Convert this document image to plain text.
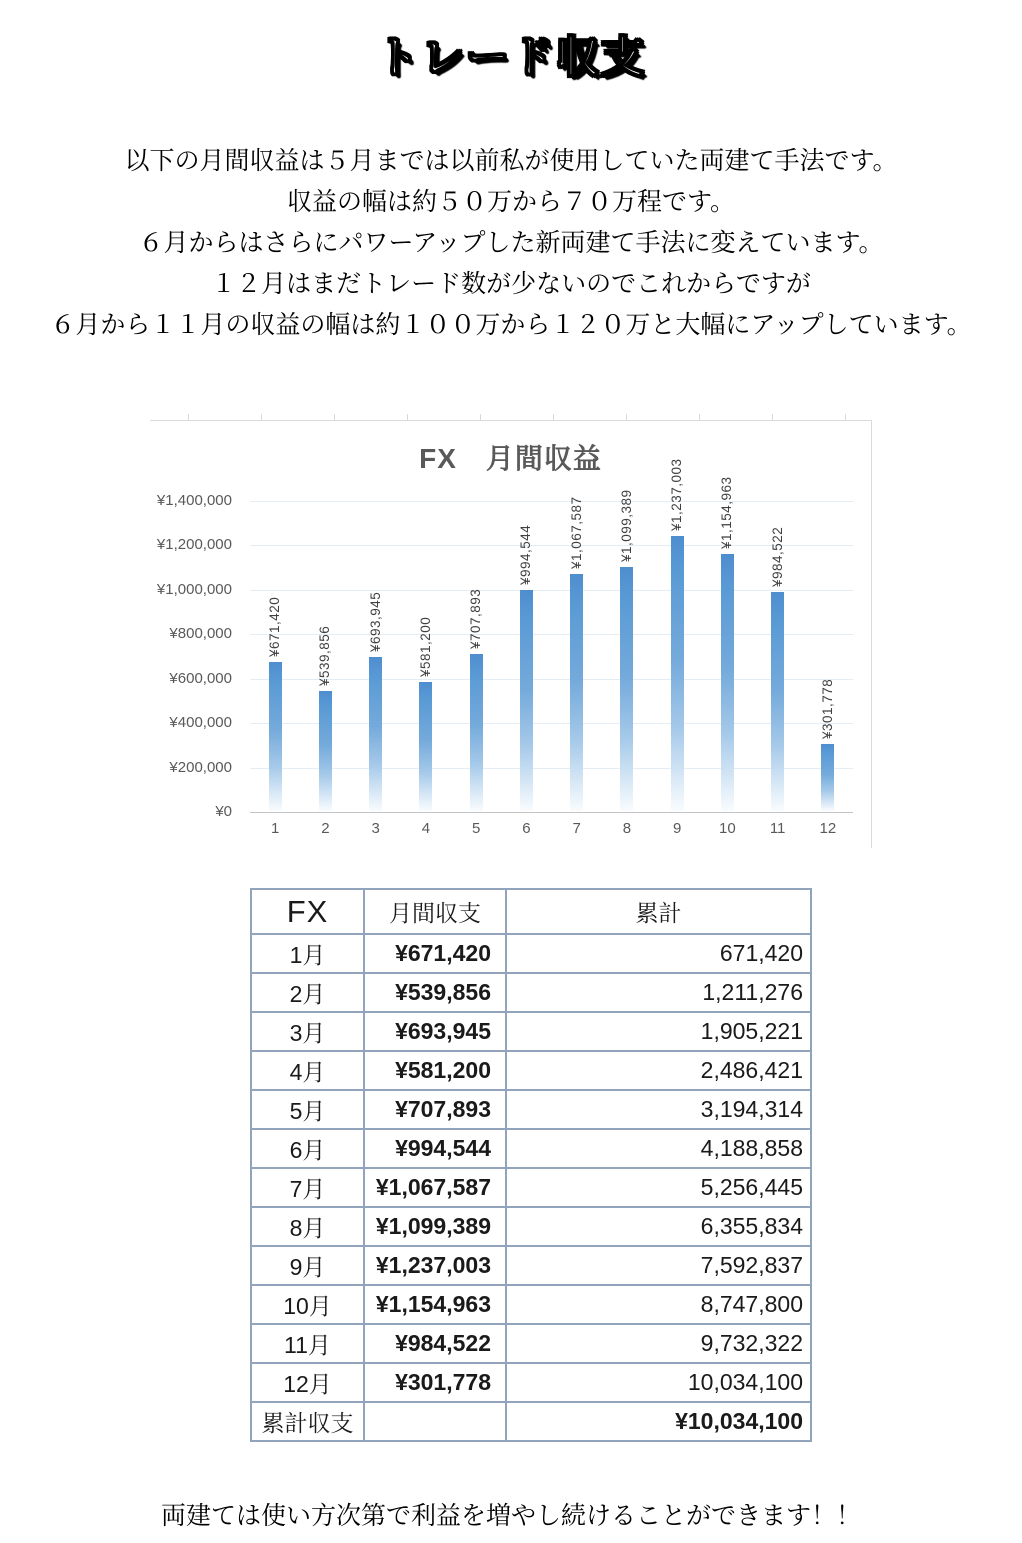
トレード収支

以下の月間収益は５月までは以前私が使用していた両建て手法です。

収益の幅は約５０万から７０万程です。

６月からはさらにパワーアップした新両建て手法に変えています。

１２月はまだトレード数が少ないのでこれからですが

６月から１１月の収益の幅は約１００万から１２０万と大幅にアップしています。

FX　月間収益
¥1,400,000
¥1,200,000
¥1,000,000
¥800,000
¥600,000
¥400,000
¥200,000
¥0
¥671,420
1
¥539,856
2
¥693,945
3
¥581,200
4
¥707,893
5
¥994,544
6
¥1,067,587
7
¥1,099,389
8
¥1,237,003
9
¥1,154,963
10
¥984,522
11
¥301,778
12
FX	月間収支	累計
1月	¥671,420	671,420
2月	¥539,856	1,211,276
3月	¥693,945	1,905,221
4月	¥581,200	2,486,421
5月	¥707,893	3,194,314
6月	¥994,544	4,188,858
7月	¥1,067,587	5,256,445
8月	¥1,099,389	6,355,834
9月	¥1,237,003	7,592,837
10月	¥1,154,963	8,747,800
11月	¥984,522	9,732,322
12月	¥301,778	10,034,100
累計収支		¥10,034,100

両建ては使い方次第で利益を増やし続けることができます！！
